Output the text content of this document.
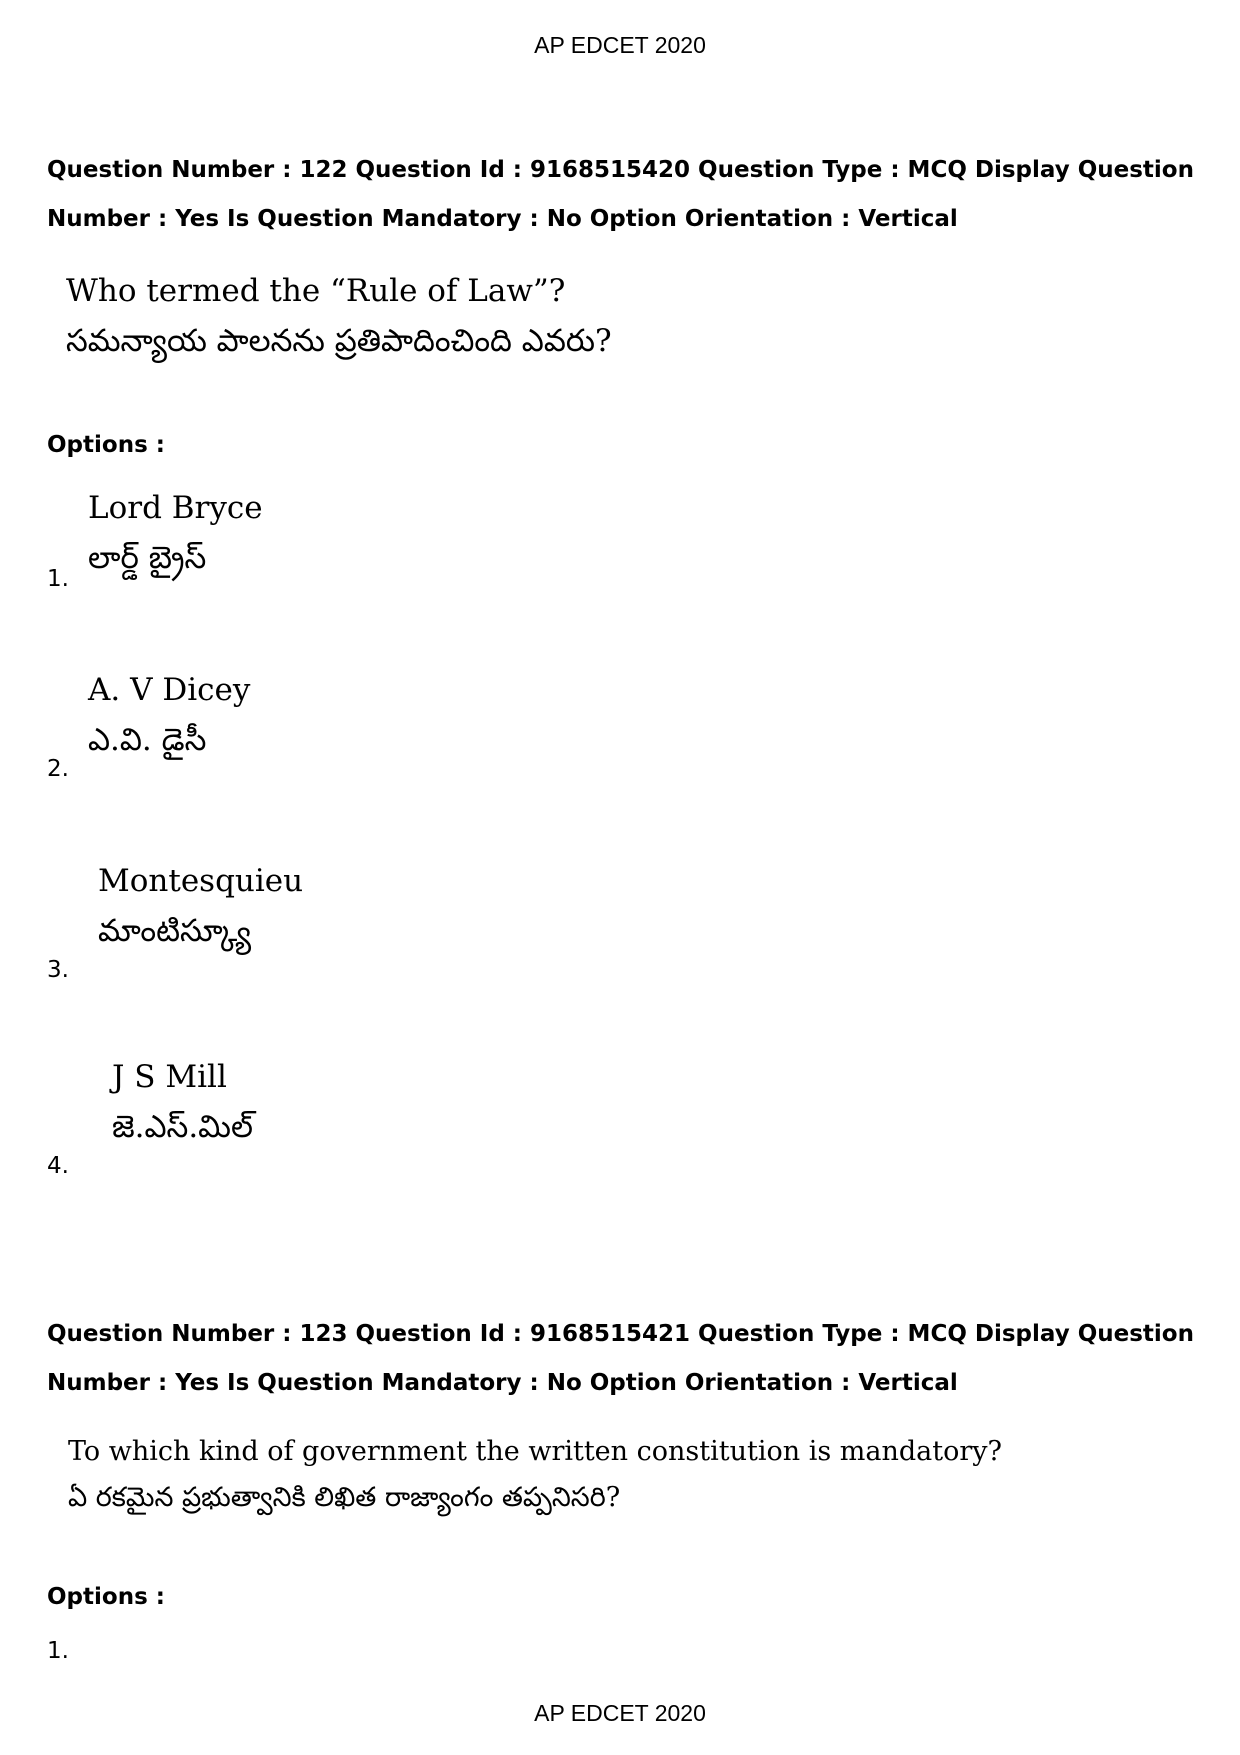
AP EDCET 2020
Question Number : 122 Question Id : 9168515420 Question Type : MCQ Display Question Number : Yes Is Question Mandatory : No Option Orientation : Vertical
Who termed the “Rule of Law”?
సమన్యాయ పాలనను ప్రతిపాదించింది ఎవరు?
Options :
Lord Bryce
లార్డ్ బ్రైస్
1.
A. V Dicey
ఎ.వి. డైసీ
2.
Montesquieu
మాంటిస్క్యూ
3.
J S Mill
జె.ఎస్.మిల్
4.
Question Number : 123 Question Id : 9168515421 Question Type : MCQ Display Question Number : Yes Is Question Mandatory : No Option Orientation : Vertical
To which kind of government the written constitution is mandatory?
ఏ రకమైన ప్రభుత్వానికి లిఖిత రాజ్యాంగం తప్పనిసరి?
Options :
1.
AP EDCET 2020
